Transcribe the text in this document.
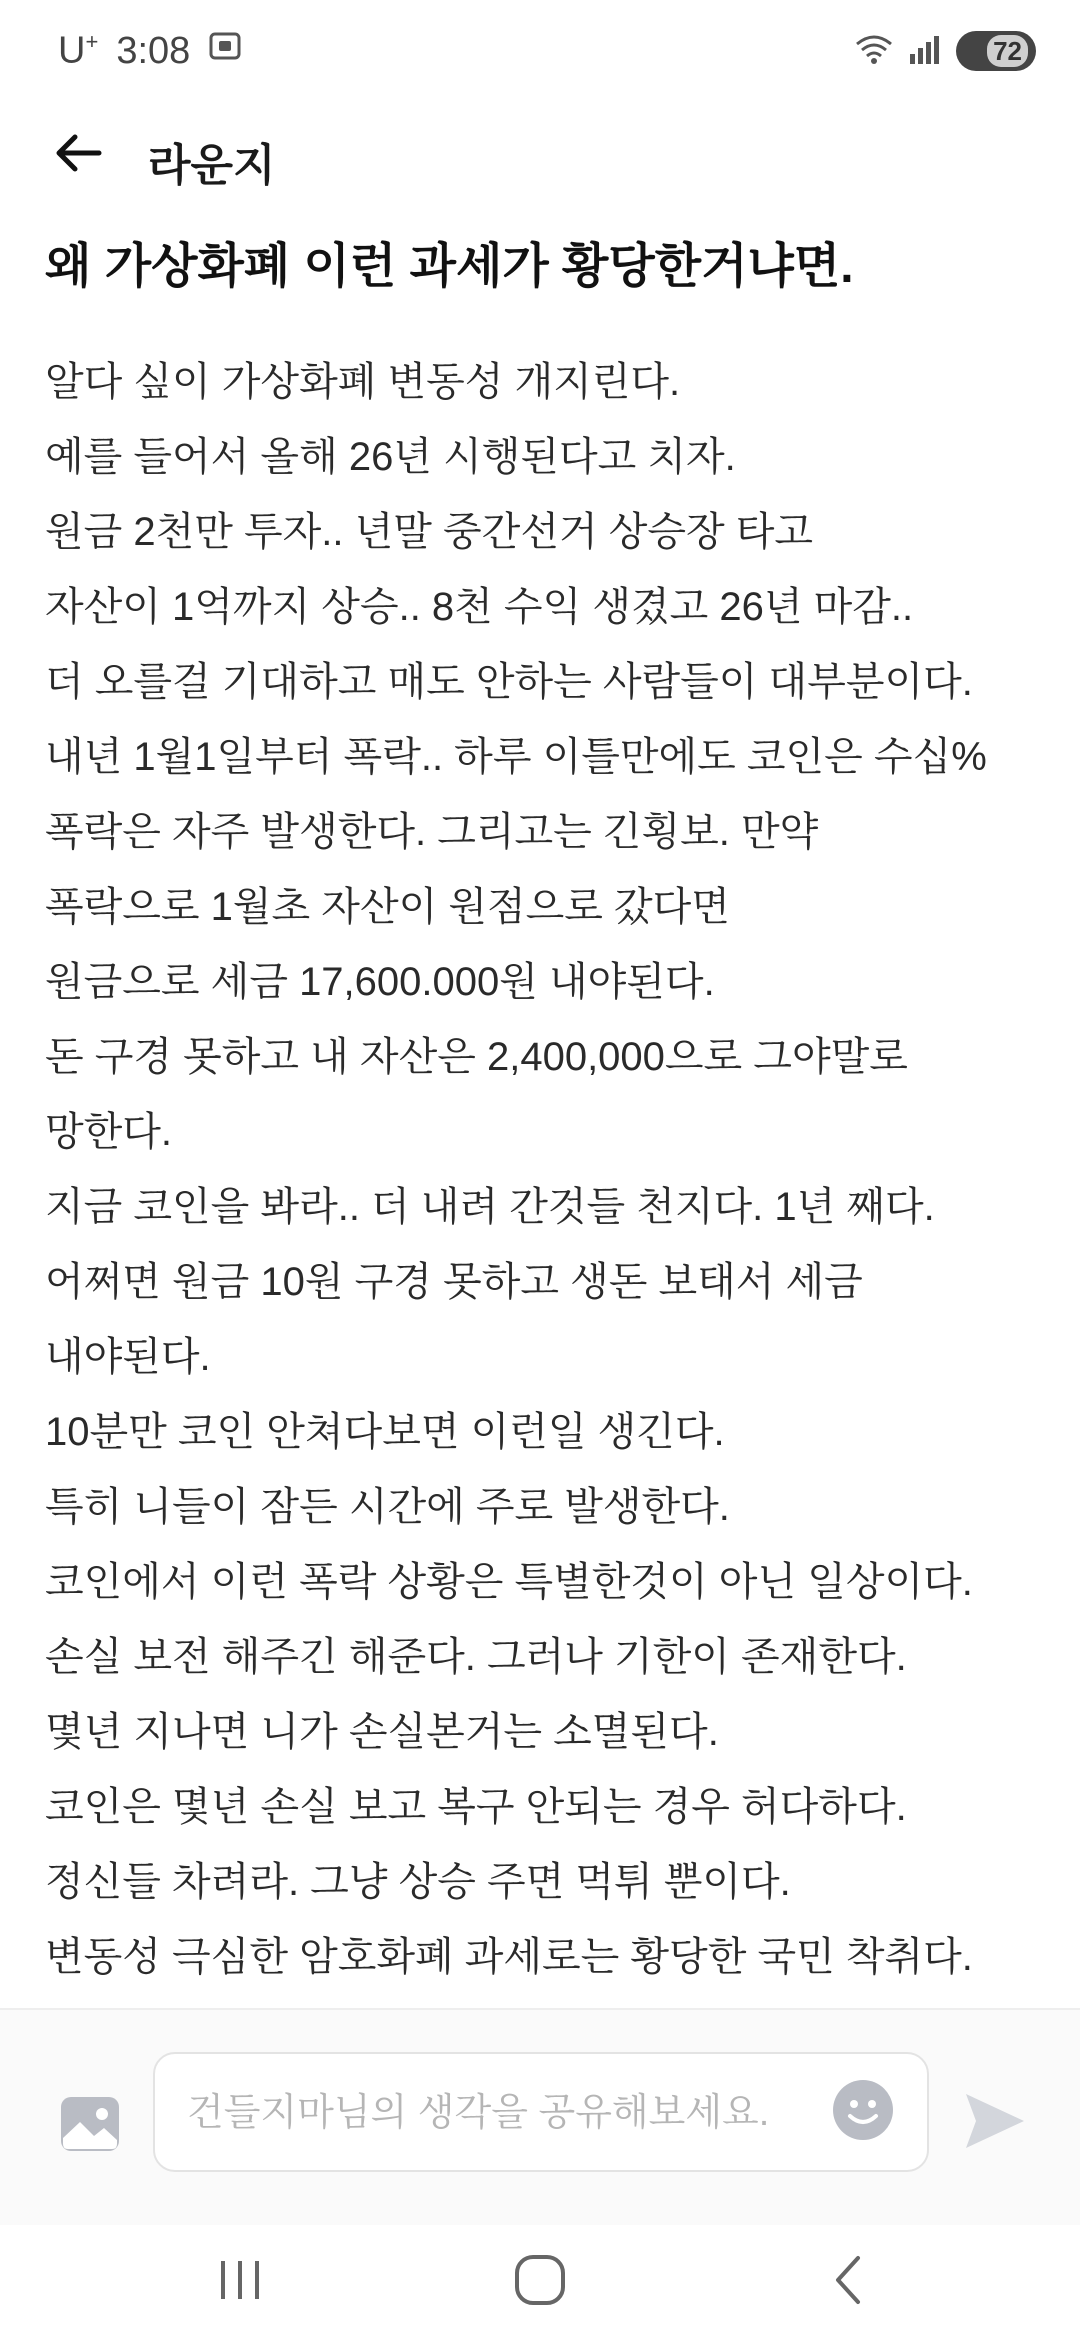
U+ 3:08	72
라운지
왜 가상화폐 이런 과세가 황당한거냐면.
알다 싶이 가상화폐 변동성 개지린다.
예를 들어서 올해 26년 시행된다고 치자.
원금 2천만 투자.. 년말 중간선거 상승장 타고
자산이 1억까지 상승.. 8천 수익 생겼고 26년 마감..
더 오를걸 기대하고 매도 안하는 사람들이 대부분이다.
내년 1월1일부터 폭락.. 하루 이틀만에도 코인은 수십%
폭락은 자주 발생한다. 그리고는 긴횡보. 만약
폭락으로 1월초 자산이 원점으로 갔다면
원금으로 세금 17,600.000원 내야된다.
돈 구경 못하고 내 자산은 2,400,000으로 그야말로
망한다.
지금 코인을 봐라.. 더 내려 간것들 천지다. 1년 째다.
어쩌면 원금 10원 구경 못하고 생돈 보태서 세금
내야된다.
10분만 코인 안쳐다보면 이런일 생긴다.
특히 니들이 잠든 시간에 주로 발생한다.
코인에서 이런 폭락 상황은 특별한것이 아닌 일상이다.
손실 보전 해주긴 해준다. 그러나 기한이 존재한다.
몇년 지나면 니가 손실본거는 소멸된다.
코인은 몇년 손실 보고 복구 안되는 경우 허다하다.
정신들 차려라. 그냥 상승 주면 먹튀 뿐이다.
변동성 극심한 암호화폐 과세로는 황당한 국민 착취다.
건들지마님의 생각을 공유해보세요.
